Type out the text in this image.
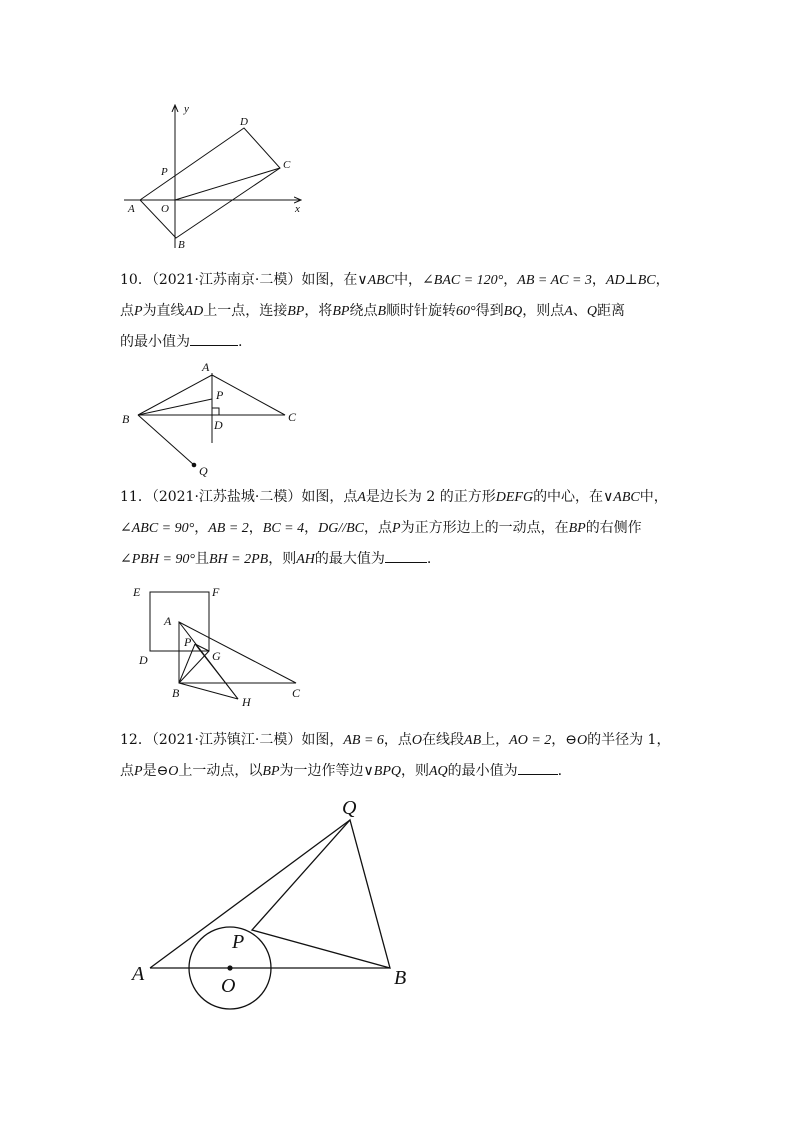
y
x
A O
B
P
C
D

10．（2021·江苏南京·二模）如图，在∨ABC中，∠BAC = 120°，AB = AC = 3，AD⊥BC，

点P为直线AD上一点，连接BP，将BP绕点B顺时针旋转60°得到BQ，则点A、Q距离

的最小值为	.

A
P
B	D
C
Q

11．（2021·江苏盐城·二模）如图，点A是边长为 2 的正方形DEFG的中心，在∨ABC中，

∠ABC = 90°，AB = 2，BC = 4，DG//BC，点P为正方形边上的一动点，在BP的右侧作

∠PBH = 90°且BH = 2PB，则AH的最大值为	.

E	F
A
P
G
D
B
H
C

12．（2021·江苏镇江·二模）如图，AB = 6，点O在线段AB上，AO = 2，⊖O的半径为 1，

点P是⊖O上一动点，以BP为一边作等边∨BPQ，则AQ的最小值为	.

Q
P
A
O	B
